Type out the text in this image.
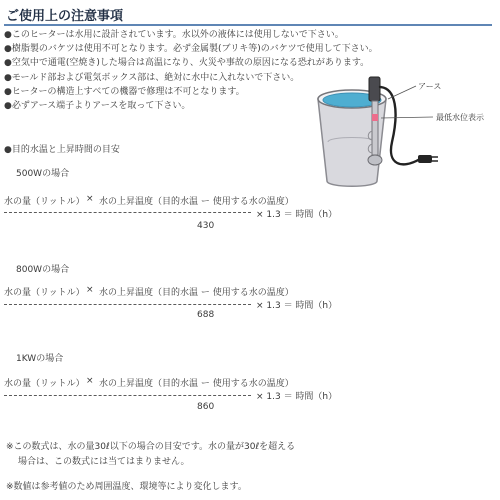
ご使用上の注意事項
●このヒーターは水用に設計されています。水以外の液体には使用しないで下さい。
●樹脂製のバケツは使用不可となります。必ず金属製(ブリキ等)のバケツで使用して下さい。
●空気中で通電(空焼き)した場合は高温になり、火災や事故の原因になる恐れがあります。
●モールド部および電気ボックス部は、絶対に水中に入れないで下さい。
●ヒーターの構造上すべての機器で修理は不可となります。
●必ずアース端子よりアースを取って下さい。
アース
最低水位表示
●目的水温と上昇時間の目安
500Wの場合
水の量（リットル） × 水の上昇温度（目的水温 ー 使用する水の温度）
× 1.3 ＝ 時間（h）
430
800Wの場合
水の量（リットル） × 水の上昇温度（目的水温 ー 使用する水の温度）
× 1.3 ＝ 時間（h）
688
1KWの場合
水の量（リットル） × 水の上昇温度（目的水温 ー 使用する水の温度）
× 1.3 ＝ 時間（h）
860
※この数式は、水の量30ℓ以下の場合の目安です。水の量が30ℓを超える
場合は、この数式には当てはまりません。
※数値は参考値のため周囲温度、環境等により変化します。
